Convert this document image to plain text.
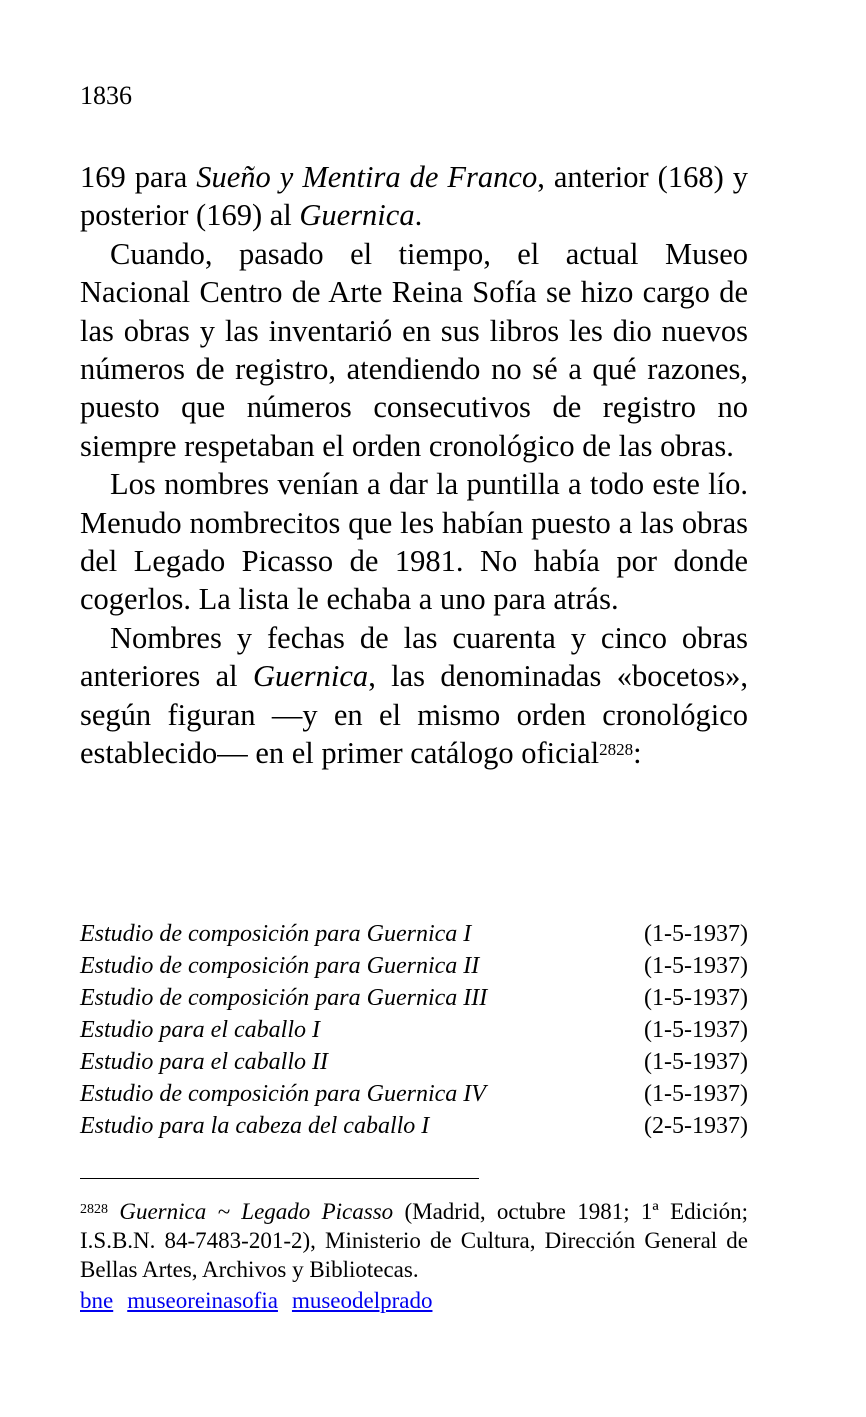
1836

169 para Sueño y Mentira de Franco, anterior (168) y posterior (169) al Guernica.

Cuando, pasado el tiempo, el actual Museo Nacional Centro de Arte Reina Sofía se hizo cargo de las obras y las inventarió en sus libros les dio nuevos números de registro, atendiendo no sé a qué razones, puesto que números consecutivos de registro no siempre respetaban el orden cronológico de las obras.

Los nombres venían a dar la puntilla a todo este lío. Menudo nombrecitos que les habían puesto a las obras del Legado Picasso de 1981. No había por donde cogerlos. La lista le echaba a uno para atrás.

Nombres y fechas de las cuarenta y cinco obras anteriores al Guernica, las denominadas «bocetos», según figuran —y en el mismo orden cronológico establecido— en el primer catálogo oficial$^{2828}$:

Estudio de composición para Guernica I	(1-5-1937)
Estudio de composición para Guernica II	(1-5-1937)
Estudio de composición para Guernica III	(1-5-1937)
Estudio para el caballo I	(1-5-1937)
Estudio para el caballo II	(1-5-1937)
Estudio de composición para Guernica IV	(1-5-1937)
Estudio para la cabeza del caballo I	(2-5-1937)

$^{2828}$ Guernica ~ Legado Picasso (Madrid, octubre 1981; 1ª Edición; I.S.B.N. 84-7483-201-2), Ministerio de Cultura, Dirección General de Bellas Artes, Archivos y Bibliotecas.

bne museoreinasofia museodelprado
